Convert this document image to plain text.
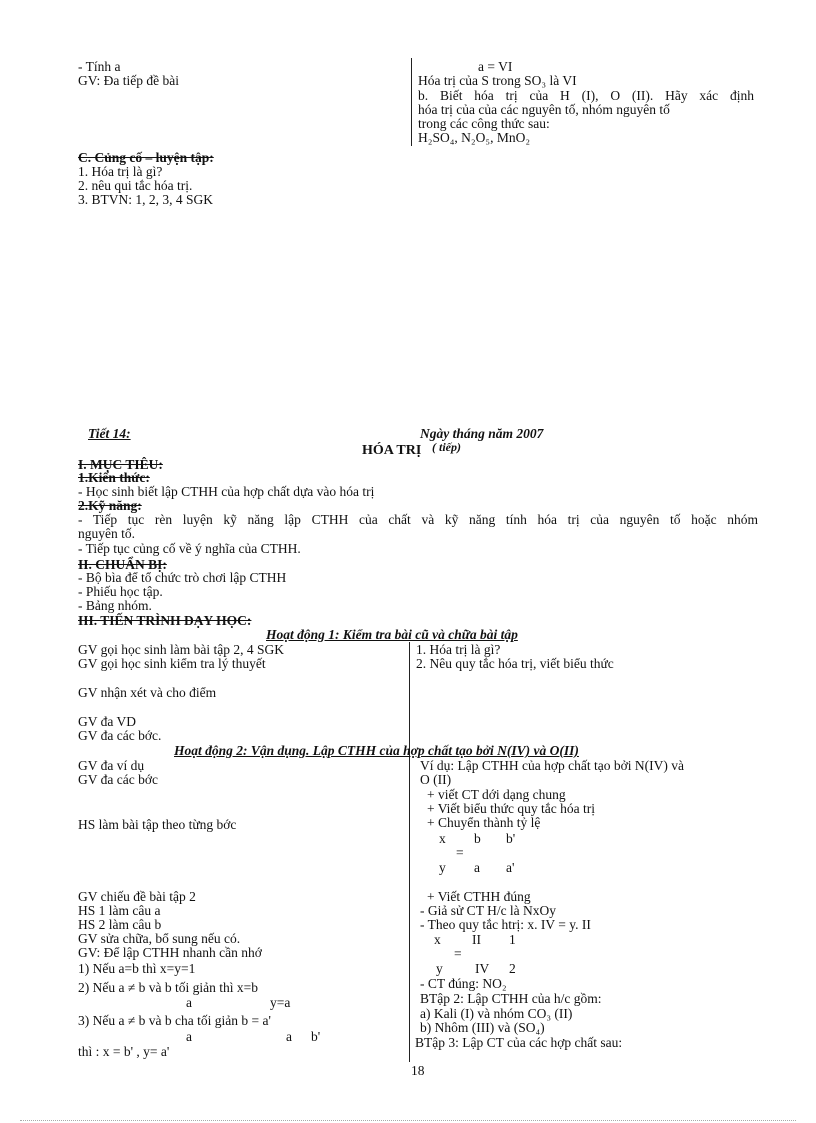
- Tính a
GV: Đa tiếp đề bài
a = VI
Hóa trị của S trong SO₃ là VI
b. Biết hóa trị của H (I), O (II). Hãy xác định
hóa trị của của các nguyên tố, nhóm nguyên tố
trong các công thức sau:
H₂SO₄, N₂O₅, MnO₂
C. Củng cố – luyện tập:
1. Hóa trị là gì?
2. nêu qui tắc hóa trị.
3. BTVN: 1, 2, 3, 4 SGK
Tiết 14:	Ngày tháng năm 2007
HÓA TRỊ ( tiếp)
I. MỤC TIÊU:
1.Kiến thức:
- Học sinh biết lập CTHH của hợp chất dựa vào hóa trị
2.Kỹ năng:
- Tiếp tục rèn luyện kỹ năng lập CTHH của chất và kỹ năng tính hóa trị của nguyên tố hoặc nhóm
nguyên tố.
- Tiếp tục củng cố về ý nghĩa của CTHH.
II. CHUẨN BỊ:
- Bộ bìa để tổ chức trò chơi lập CTHH
- Phiếu học tập.
- Bảng nhóm.
III. TIẾN TRÌNH DẠY HỌC:
Hoạt động 1: Kiểm tra bài cũ và chữa bài tập
GV gọi học sinh làm bài tập 2, 4 SGK
GV gọi học sinh kiểm tra lý thuyết
GV nhận xét và cho điểm
GV đa VD
GV đa các bớc.
1. Hóa trị là gì?
2. Nêu quy tắc hóa trị, viết biểu thức
Hoạt động 2: Vận dụng. Lập CTHH của hợp chất tạo bởi N(IV) và O(II)
GV đa ví dụ
GV đa các bớc
HS làm bài tập theo từng bớc
GV chiếu đề bài tập 2
HS 1 làm câu a
HS 2 làm câu b
GV sửa chữa, bổ sung nếu có.
GV: Để lập CTHH nhanh cần nhớ
1) Nếu a=b thì x=y=1
2) Nếu a ≠ b và b tối giản thì x=b
a	y=a
3) Nếu a ≠ b và b cha tối giản b = a'
a	a b'
thì : x = b' , y= a'
Ví dụ: Lập CTHH của hợp chất tạo bởi N(IV) và
O (II)
+ viết CT dới dạng chung
+ Viết biểu thức quy tắc hóa trị
+ Chuyển thành tỷ lệ
x b b'
=
y a a'
+ Viết CTHH đúng
- Giả sử CT H/c là NxOy
- Theo quy tắc htrị: x. IV = y. II
x II 1
=
y IV 2
- CT đúng: NO₂
BTập 2: Lập CTHH của h/c gồm:
a) Kali (I) và nhóm CO₃ (II)
b) Nhôm (III) và (SO₄)
BTập 3: Lập CT của các hợp chất sau:
18
